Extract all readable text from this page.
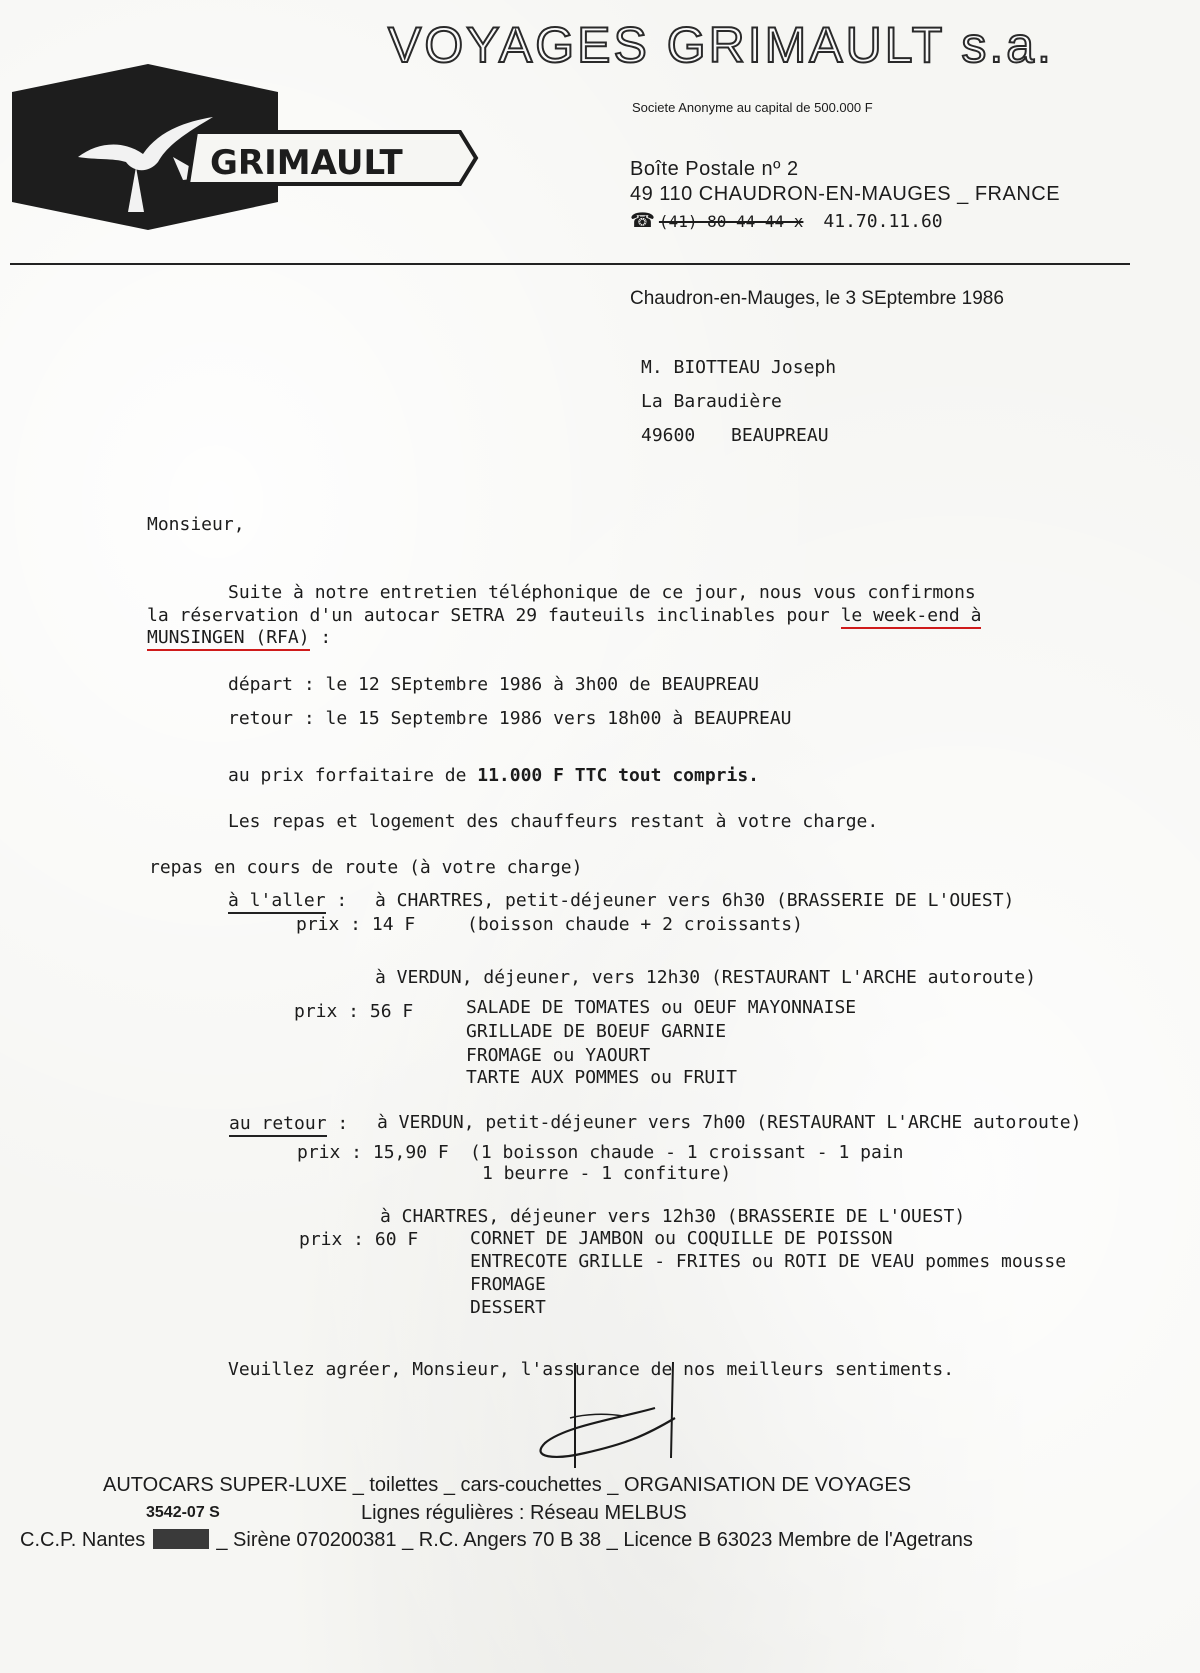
VOYAGES GRIMAULT s.a.
GRIMAULT
Societe Anonyme au capital de 500.000 F
Boîte Postale nº 2
49 110 CHAUDRON-EN-MAUGES _ FRANCE
☎ (41) 80 44 44 x 41.70.11.60
Chaudron-en-Mauges, le 3 SEptembre 1986
M. BIOTTEAU Joseph
La Baraudière
49600 BEAUPREAU
Monsieur,
Suite à notre entretien téléphonique de ce jour, nous vous confirmons
la réservation d'un autocar SETRA 29 fauteuils inclinables pour le week-end à
MUNSINGEN (RFA) :
départ : le 12 SEptembre 1986 à 3h00 de BEAUPREAU
retour : le 15 Septembre 1986 vers 18h00 à BEAUPREAU
au prix forfaitaire de 11.000 F TTC tout compris.
Les repas et logement des chauffeurs restant à votre charge.
repas en cours de route (à votre charge)
à l'aller : à CHARTRES, petit-déjeuner vers 6h30 (BRASSERIE DE L'OUEST)
prix : 14 F	(boisson chaude + 2 croissants)
à VERDUN, déjeuner, vers 12h30 (RESTAURANT L'ARCHE autoroute)
prix : 56 F	SALADE DE TOMATES ou OEUF MAYONNAISE
GRILLADE DE BOEUF GARNIE
FROMAGE ou YAOURT
TARTE AUX POMMES ou FRUIT
au retour : à VERDUN, petit-déjeuner vers 7h00 (RESTAURANT L'ARCHE autoroute)
prix : 15,90 F (1 boisson chaude - 1 croissant - 1 pain
1 beurre - 1 confiture)
à CHARTRES, déjeuner vers 12h30 (BRASSERIE DE L'OUEST)
prix : 60 F	CORNET DE JAMBON ou COQUILLE DE POISSON
ENTRECOTE GRILLE - FRITES ou ROTI DE VEAU pommes mousse
FROMAGE
DESSERT
Veuillez agréer, Monsieur, l'assurance de nos meilleurs sentiments.
AUTOCARS SUPER-LUXE _ toilettes _ cars-couchettes _ ORGANISATION DE VOYAGES
3542-07 S	Lignes régulières : Réseau MELBUS
C.C.P. Nantes	_ Sirène 070200381 _ R.C. Angers 70 B 38 _ Licence B 63023 Membre de l'Agetrans
